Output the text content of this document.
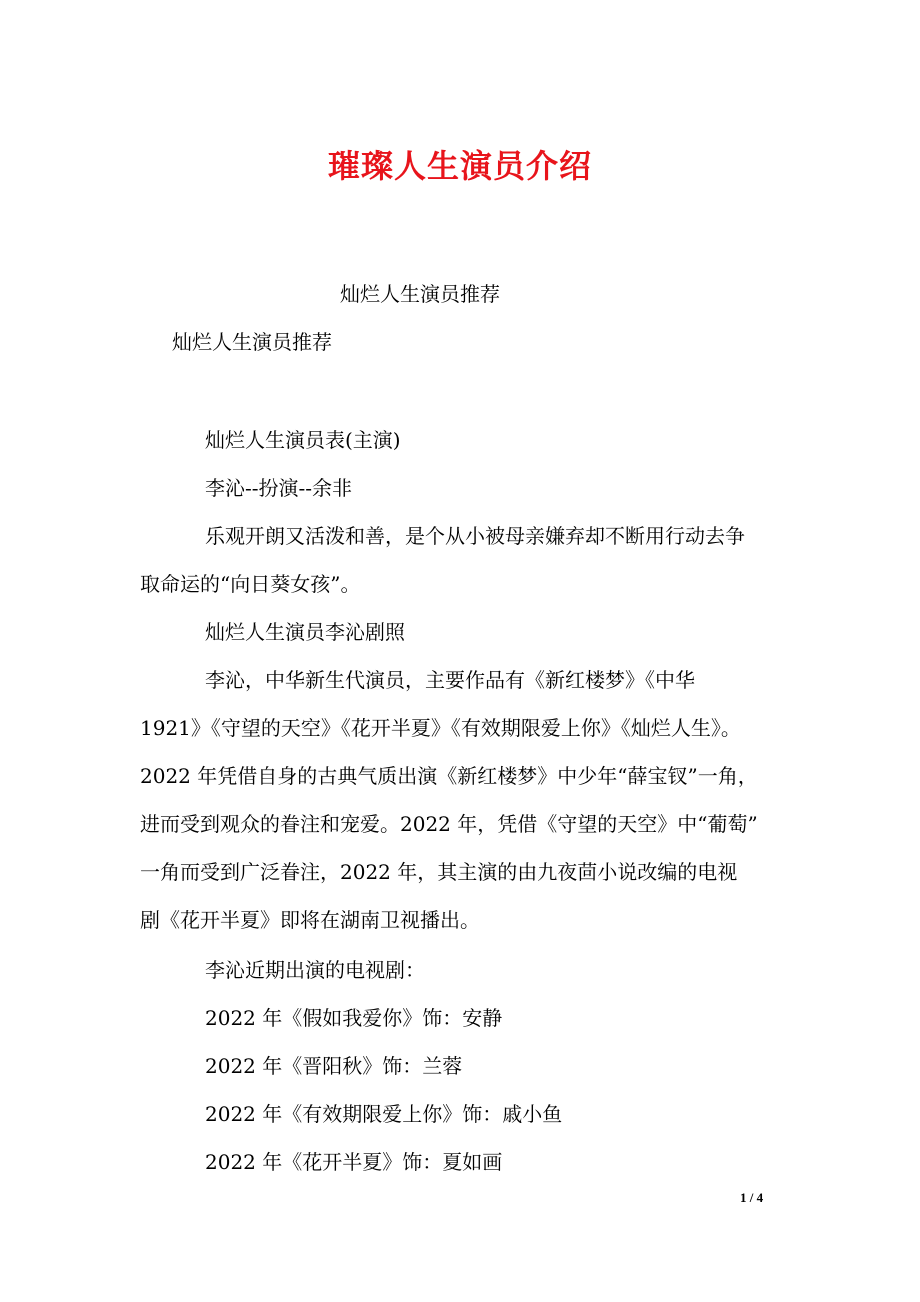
璀璨人生演员介绍
灿烂人生演员推荐
灿烂人生演员推荐
灿烂人生演员表(主演)
李沁--扮演--余非
乐观开朗又活泼和善，是个从小被母亲嫌弃却不断用行动去争
取命运的“向日葵女孩”。
灿烂人生演员李沁剧照
李沁，中华新生代演员，主要作品有《新红楼梦》《中华
1921》《守望的天空》《花开半夏》《有效期限爱上你》《灿烂人生》。
2022 年凭借自身的古典气质出演《新红楼梦》中少年“薛宝钗”一角，
进而受到观众的眷注和宠爱。2022 年，凭借《守望的天空》中“葡萄”
一角而受到广泛眷注，2022 年，其主演的由九夜茴小说改编的电视
剧《花开半夏》即将在湖南卫视播出。
李沁近期出演的电视剧：
2022 年《假如我爱你》饰：安静
2022 年《晋阳秋》饰：兰蓉
2022 年《有效期限爱上你》饰：戚小鱼
2022 年《花开半夏》饰：夏如画
1 / 4
